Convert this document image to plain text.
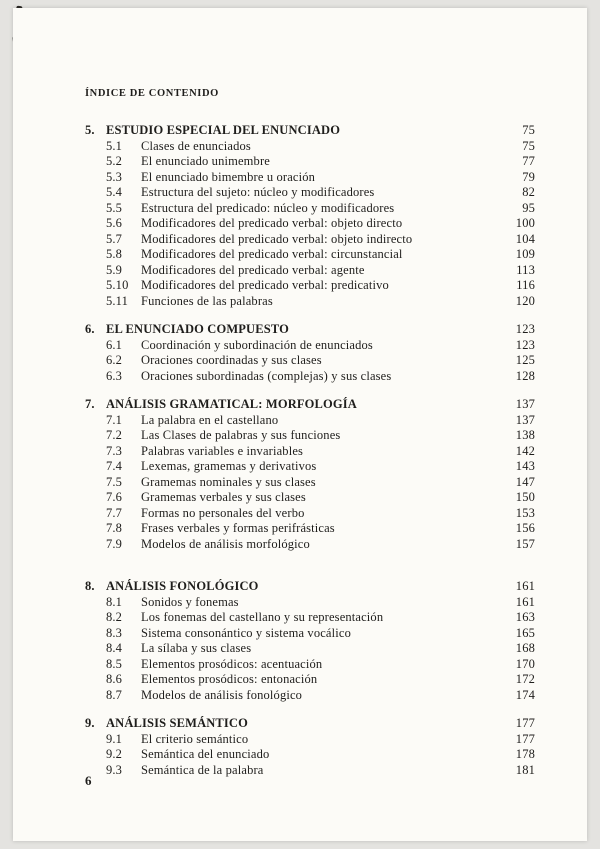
ÍNDICE DE CONTENIDO
5. ESTUDIO ESPECIAL DEL ENUNCIADO	75
5.1	Clases de enunciados	75
5.2	El enunciado unimembre	77
5.3	El enunciado bimembre u oración	79
5.4	Estructura del sujeto: núcleo y modificadores	82
5.5	Estructura del predicado: núcleo y modificadores	95
5.6	Modificadores del predicado verbal: objeto directo	100
5.7	Modificadores del predicado verbal: objeto indirecto	104
5.8	Modificadores del predicado verbal: circunstancial	109
5.9	Modificadores del predicado verbal: agente	113
5.10	Modificadores del predicado verbal: predicativo	116
5.11	Funciones de las palabras	120
6. EL ENUNCIADO COMPUESTO	123
6.1	Coordinación y subordinación de enunciados	123
6.2	Oraciones coordinadas y sus clases	125
6.3	Oraciones subordinadas (complejas) y sus clases	128
7. ANÁLISIS GRAMATICAL: MORFOLOGÍA	137
7.1	La palabra en el castellano	137
7.2	Las Clases de palabras y sus funciones	138
7.3	Palabras variables e invariables	142
7.4	Lexemas, gramemas y derivativos	143
7.5	Gramemas nominales y sus clases	147
7.6	Gramemas verbales y sus clases	150
7.7	Formas no personales del verbo	153
7.8	Frases verbales y formas perifrásticas	156
7.9	Modelos de análisis morfológico	157
8. ANÁLISIS FONOLÓGICO	161
8.1	Sonidos y fonemas	161
8.2	Los fonemas del castellano y su representación	163
8.3	Sistema consonántico y sistema vocálico	165
8.4	La sílaba y sus clases	168
8.5	Elementos prosódicos: acentuación	170
8.6	Elementos prosódicos: entonación	172
8.7	Modelos de análisis fonológico	174
9. ANÁLISIS SEMÁNTICO	177
9.1	El criterio semántico	177
9.2	Semántica del enunciado	178
9.3	Semántica de la palabra	181
6
